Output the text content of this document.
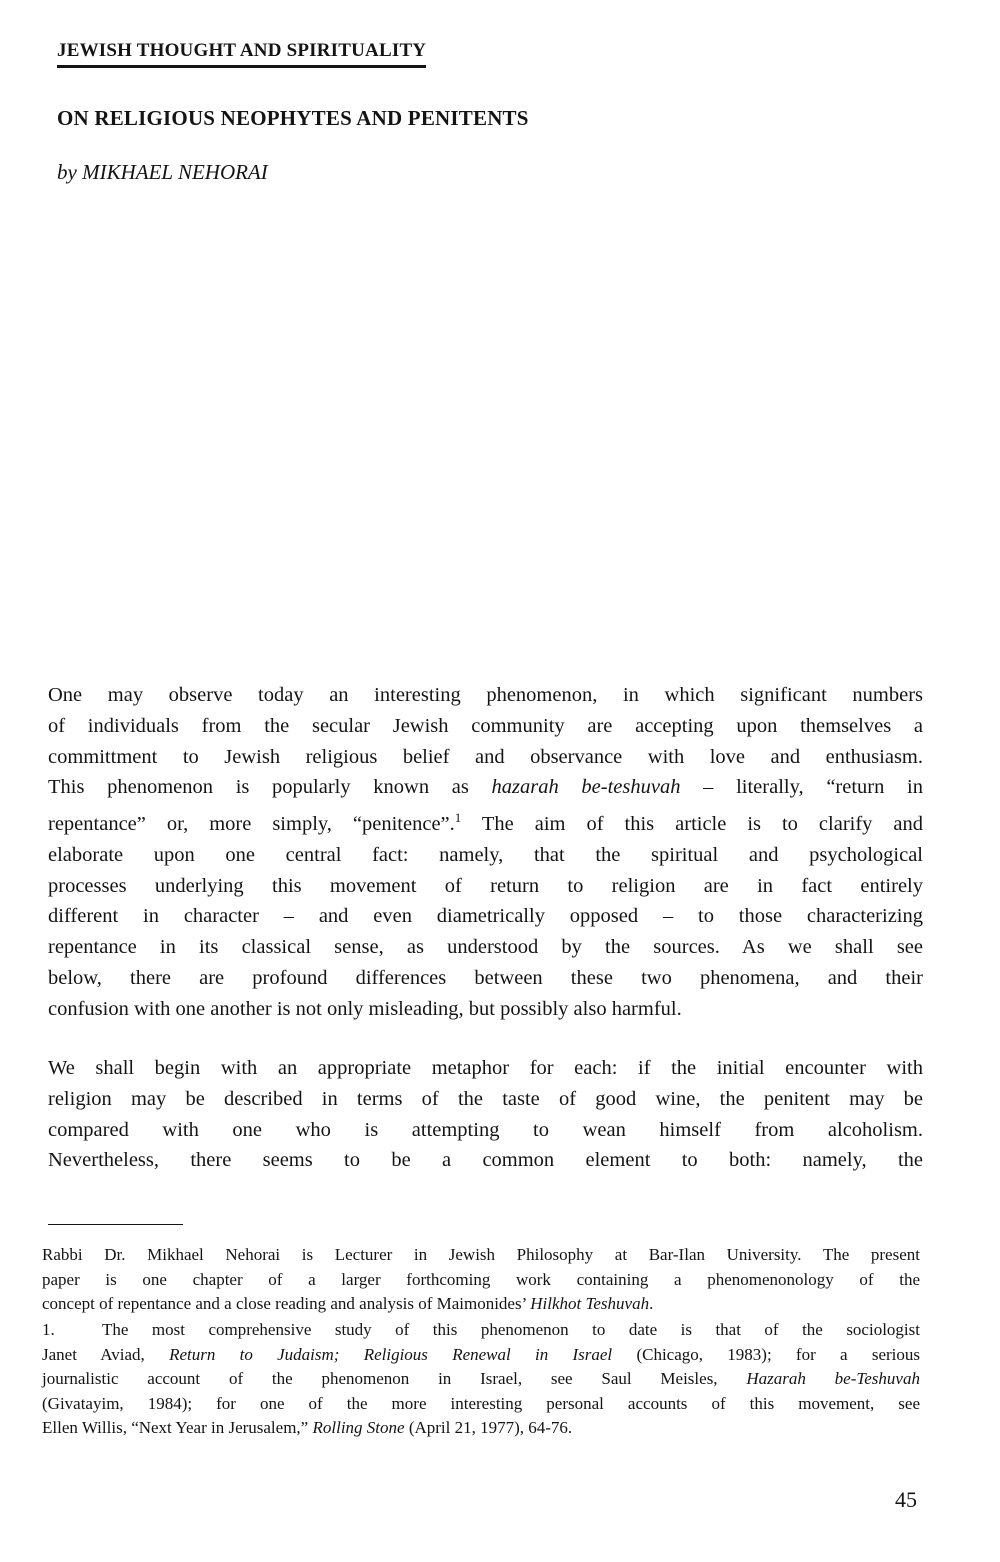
JEWISH THOUGHT AND SPIRITUALITY
ON RELIGIOUS NEOPHYTES AND PENITENTS
by MIKHAEL NEHORAI
One may observe today an interesting phenomenon, in which significant numbers
of individuals from the secular Jewish community are accepting upon themselves a
committment to Jewish religious belief and observance with love and enthusiasm.
This phenomenon is popularly known as hazarah be-teshuvah – literally, “return in
repentance” or, more simply, “penitence”.$^1$ The aim of this article is to clarify and
elaborate upon one central fact: namely, that the spiritual and psychological
processes underlying this movement of return to religion are in fact entirely
different in character – and even diametrically opposed – to those characterizing
repentance in its classical sense, as understood by the sources. As we shall see
below, there are profound differences between these two phenomena, and their
confusion with one another is not only misleading, but possibly also harmful.
We shall begin with an appropriate metaphor for each: if the initial encounter with
religion may be described in terms of the taste of good wine, the penitent may be
compared with one who is attempting to wean himself from alcoholism.
Nevertheless, there seems to be a common element to both: namely, the
Rabbi Dr. Mikhael Nehorai is Lecturer in Jewish Philosophy at Bar-Ilan University. The present
paper is one chapter of a larger forthcoming work containing a phenomenonology of the
concept of repentance and a close reading and analysis of Maimonides’ Hilkhot Teshuvah.
1.	The most comprehensive study of this phenomenon to date is that of the sociologist
Janet Aviad, Return to Judaism; Religious Renewal in Israel (Chicago, 1983); for a serious
journalistic account of the phenomenon in Israel, see Saul Meisles, Hazarah be-Teshuvah
(Givatayim, 1984); for one of the more interesting personal accounts of this movement, see
Ellen Willis, “Next Year in Jerusalem,” Rolling Stone (April 21, 1977), 64-76.
45
